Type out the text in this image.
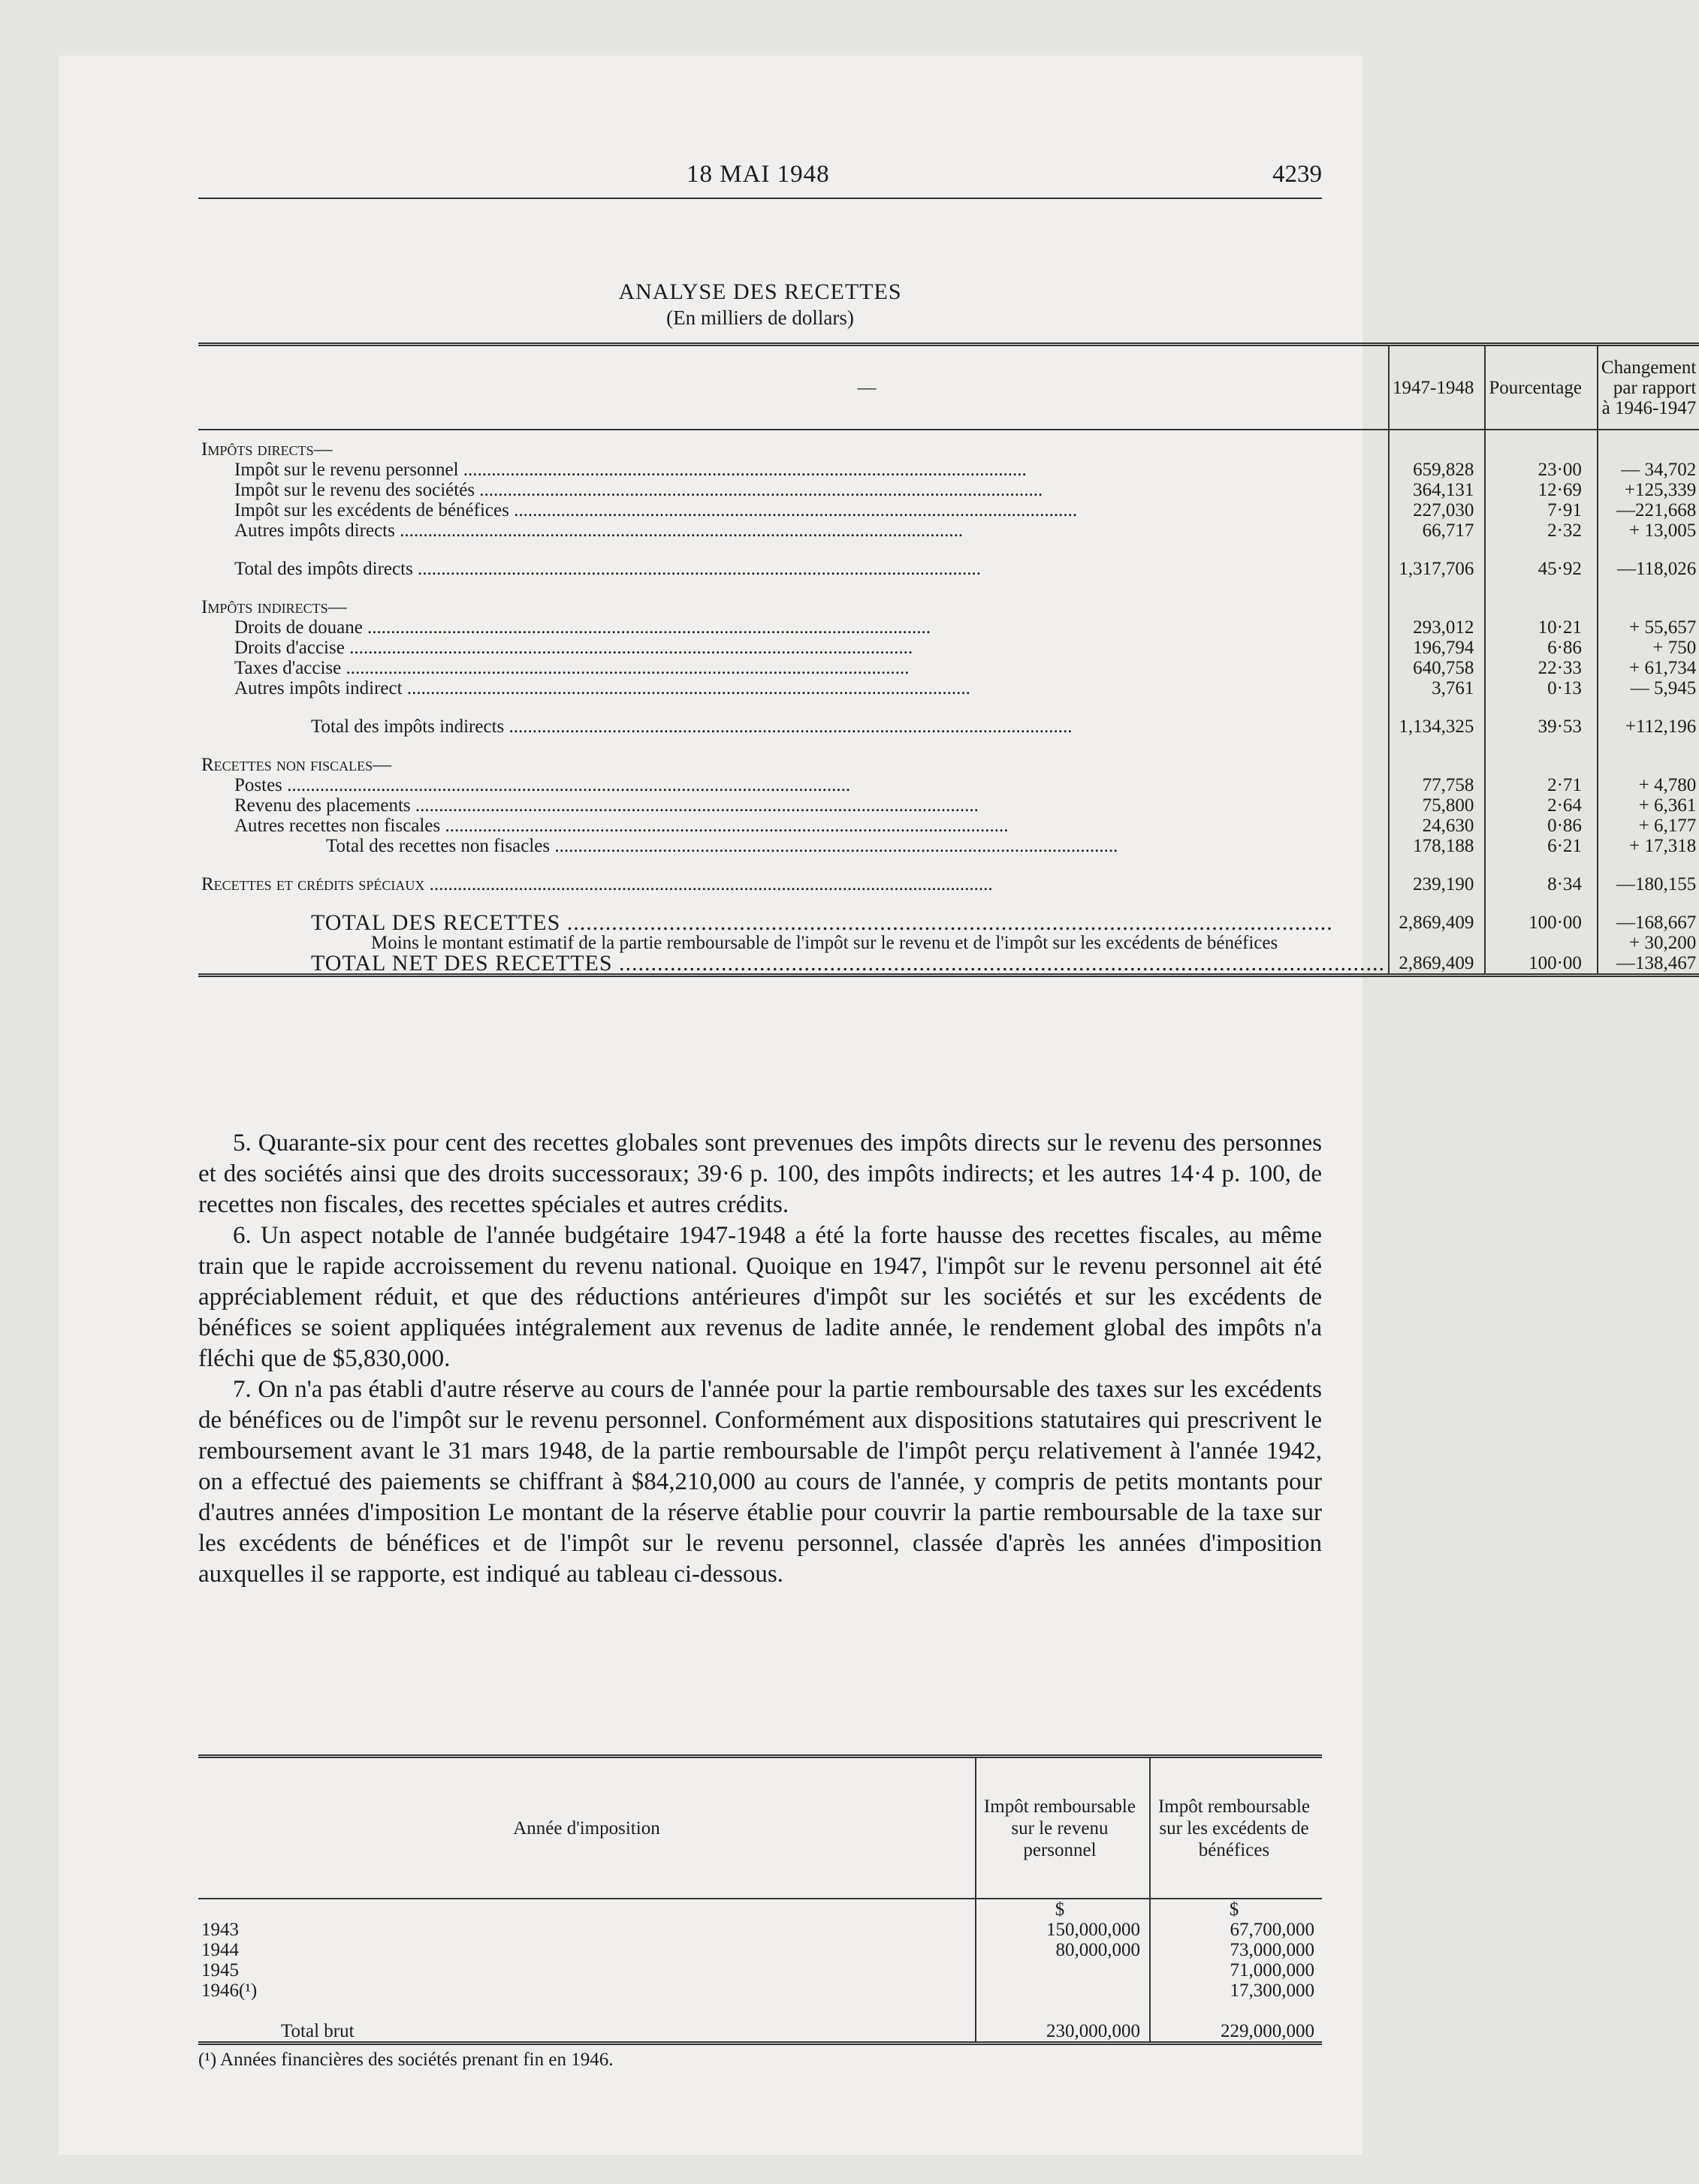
18 MAI 1948	4239
ANALYSE DES RECETTES
(En milliers de dollars)
—	1947-1948	Pourcentage	Changement
par rapport
à 1946-1947

Impôts directs—			
Impôt sur le revenu personnel ........................................................................................................................	659,828	23·00	— 34,702
Impôt sur le revenu des sociétés ........................................................................................................................	364,131	12·69	+125,339
Impôt sur les excédents de bénéfices ........................................................................................................................	227,030	7·91	—221,668
Autres impôts directs ........................................................................................................................	66,717	2·32	+ 13,005

Total des impôts directs ........................................................................................................................	1,317,706	45·92	—118,026

Impôts indirects—			
Droits de douane ........................................................................................................................	293,012	10·21	+ 55,657
Droits d'accise ........................................................................................................................	196,794	6·86	+ 750
Taxes d'accise ........................................................................................................................	640,758	22·33	+ 61,734
Autres impôts indirect ........................................................................................................................	3,761	0·13	— 5,945

Total des impôts indirects ........................................................................................................................	1,134,325	39·53	+112,196

Recettes non fiscales—			
Postes ........................................................................................................................	77,758	2·71	+ 4,780
Revenu des placements ........................................................................................................................	75,800	2·64	+ 6,361
Autres recettes non fiscales ........................................................................................................................	24,630	0·86	+ 6,177
Total des recettes non fisacles ........................................................................................................................	178,188	6·21	+ 17,318

Recettes et crédits spéciaux ........................................................................................................................	239,190	8·34	—180,155

TOTAL DES RECETTES ........................................................................................................................	2,869,409	100·00	—168,667
Moins le montant estimatif de la partie remboursable de l'impôt sur le revenu et de l'impôt sur les excédents de bénéfices			+ 30,200
TOTAL NET DES RECETTES ........................................................................................................................	2,869,409	100·00	—138,467

5. Quarante-six pour cent des recettes globales sont prevenues des impôts directs sur le revenu des personnes et des sociétés ainsi que des droits successoraux; 39·6 p. 100, des impôts indirects; et les autres 14·4 p. 100, de recettes non fiscales, des recettes spéciales et autres crédits.

6. Un aspect notable de l'année budgétaire 1947-1948 a été la forte hausse des recettes fiscales, au même train que le rapide accroissement du revenu national. Quoique en 1947, l'impôt sur le revenu personnel ait été appréciablement réduit, et que des réductions antérieures d'impôt sur les sociétés et sur les excédents de bénéfices se soient appliquées intégralement aux revenus de ladite année, le rendement global des impôts n'a fléchi que de $5,830,000.

7. On n'a pas établi d'autre réserve au cours de l'année pour la partie remboursable des taxes sur les excédents de bénéfices ou de l'impôt sur le revenu personnel. Conformément aux dispositions statutaires qui prescrivent le remboursement avant le 31 mars 1948, de la partie remboursable de l'impôt perçu relativement à l'année 1942, on a effectué des paiements se chiffrant à $84,210,000 au cours de l'année, y compris de petits montants pour d'autres années d'imposition Le montant de la réserve établie pour couvrir la partie remboursable de la taxe sur les excédents de bénéfices et de l'impôt sur le revenu personnel, classée d'après les années d'imposition auxquelles il se rapporte, est indiqué au tableau ci-dessous.

Année d'imposition	Impôt remboursable sur le revenu personnel	Impôt remboursable sur les excédents de bénéfices
	$	$
1943	150,000,000	67,700,000
1944	80,000,000	73,000,000
1945		71,000,000
1946(¹)		17,300,000

Total brut	230,000,000	229,000,000
(¹) Années financières des sociétés prenant fin en 1946.
